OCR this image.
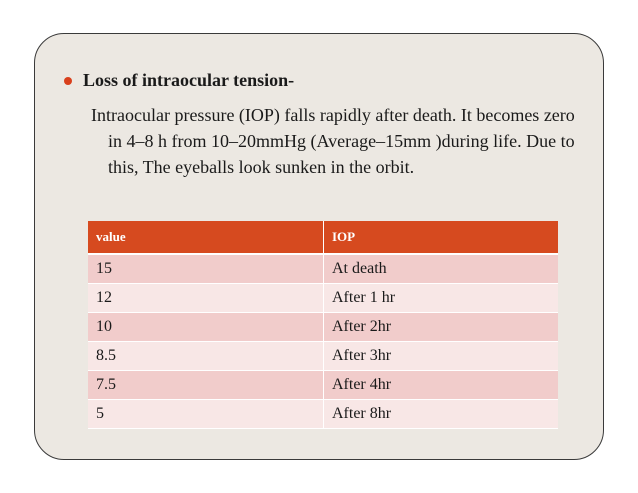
Loss of intraocular tension-

Intraocular pressure (IOP) falls rapidly after death. It becomes zero in 4–8 h from 10–20mmHg (Average–15mm )during life. Due to this, The eyeballs look sunken in the orbit.

value	IOP
15	At death
12	After 1 hr
10	After 2hr
8.5	After 3hr
7.5	After 4hr
5	After 8hr
